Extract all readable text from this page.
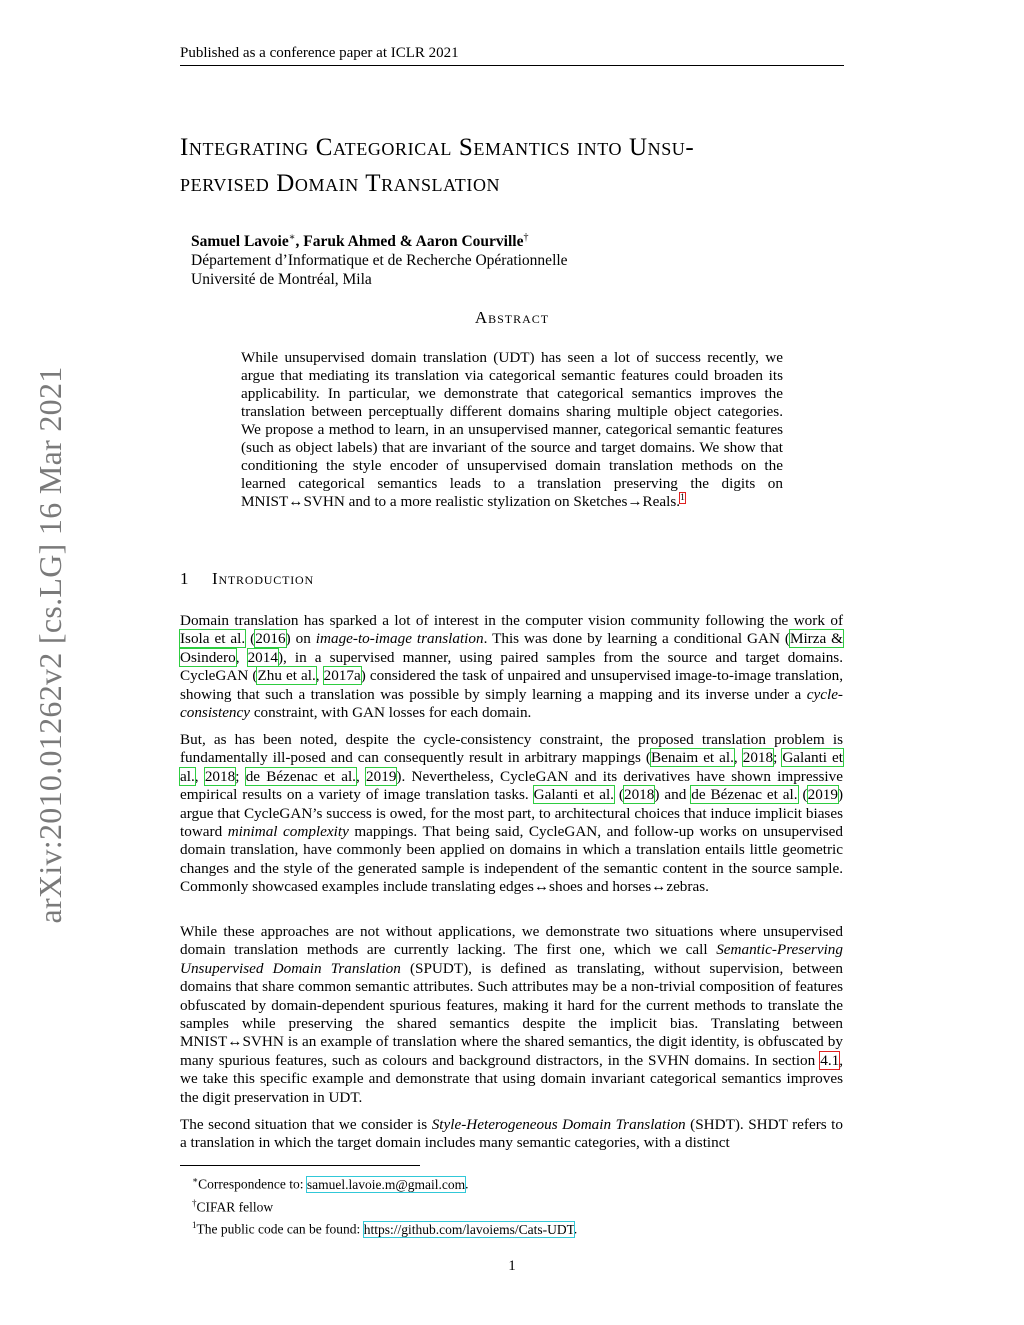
Published as a conference paper at ICLR 2021
arXiv:2010.01262v2 [cs.LG] 16 Mar 2021
Integrating Categorical Semantics into Unsu-
pervised Domain Translation
Samuel Lavoie∗, Faruk Ahmed & Aaron Courville†
Département d’Informatique et de Recherche Opérationnelle
Université de Montréal, Mila
Abstract
While unsupervised domain translation (UDT) has seen a lot of success recently, we argue that mediating its translation via categorical semantic features could broaden its applicability. In particular, we demonstrate that categorical semantics improves the translation between perceptually different domains sharing multiple object categories. We propose a method to learn, in an unsupervised manner, categorical semantic features (such as object labels) that are invariant of the source and target domains. We show that conditioning the style encoder of unsupervised domain translation methods on the learned categorical semantics leads to a translation preserving the digits on MNIST↔SVHN and to a more realistic stylization on Sketches→Reals.$^1$
1 Introduction
Domain translation has sparked a lot of interest in the computer vision community following the work of Isola et al. (2016) on image-to-image translation. This was done by learning a conditional GAN (Mirza & Osindero, 2014), in a supervised manner, using paired samples from the source and target domains. CycleGAN (Zhu et al., 2017a) considered the task of unpaired and unsupervised image-to-image translation, showing that such a translation was possible by simply learning a mapping and its inverse under a cycle-consistency constraint, with GAN losses for each domain.
But, as has been noted, despite the cycle-consistency constraint, the proposed translation problem is fundamentally ill-posed and can consequently result in arbitrary mappings (Benaim et al., 2018; Galanti et al., 2018; de Bézenac et al., 2019). Nevertheless, CycleGAN and its derivatives have shown impressive empirical results on a variety of image translation tasks. Galanti et al. (2018) and de Bézenac et al. (2019) argue that CycleGAN’s success is owed, for the most part, to architectural choices that induce implicit biases toward minimal complexity mappings. That being said, CycleGAN, and follow-up works on unsupervised domain translation, have commonly been applied on domains in which a translation entails little geometric changes and the style of the generated sample is independent of the semantic content in the source sample. Commonly showcased examples include translating edges↔shoes and horses↔zebras.
While these approaches are not without applications, we demonstrate two situations where unsupervised domain translation methods are currently lacking. The first one, which we call Semantic-Preserving Unsupervised Domain Translation (SPUDT), is defined as translating, without supervision, between domains that share common semantic attributes. Such attributes may be a non-trivial composition of features obfuscated by domain-dependent spurious features, making it hard for the current methods to translate the samples while preserving the shared semantics despite the implicit bias. Translating between MNIST↔SVHN is an example of translation where the shared semantics, the digit identity, is obfuscated by many spurious features, such as colours and background distractors, in the SVHN domains. In section 4.1, we take this specific example and demonstrate that using domain invariant categorical semantics improves the digit preservation in UDT.
The second situation that we consider is Style-Heterogeneous Domain Translation (SHDT). SHDT refers to a translation in which the target domain includes many semantic categories, with a distinct
∗Correspondence to: samuel.lavoie.m@gmail.com.
†CIFAR fellow
$^1$The public code can be found: https://github.com/lavoiems/Cats-UDT.
1
